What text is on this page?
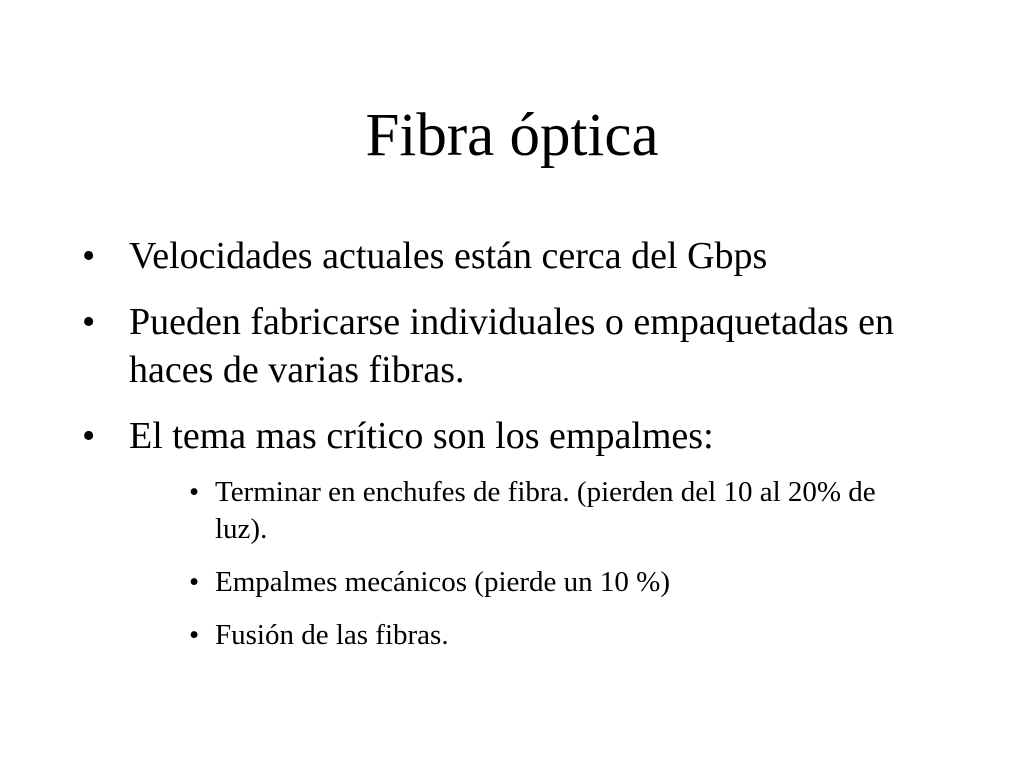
Fibra óptica
• Velocidades actuales están cerca del Gbps
• Pueden fabricarse individuales o empaquetadas en haces de varias fibras.
• El tema mas crítico son los empalmes:
• Terminar en enchufes de fibra. (pierden del 10 al 20% de luz).
• Empalmes mecánicos (pierde un 10 %)
• Fusión de las fibras.
